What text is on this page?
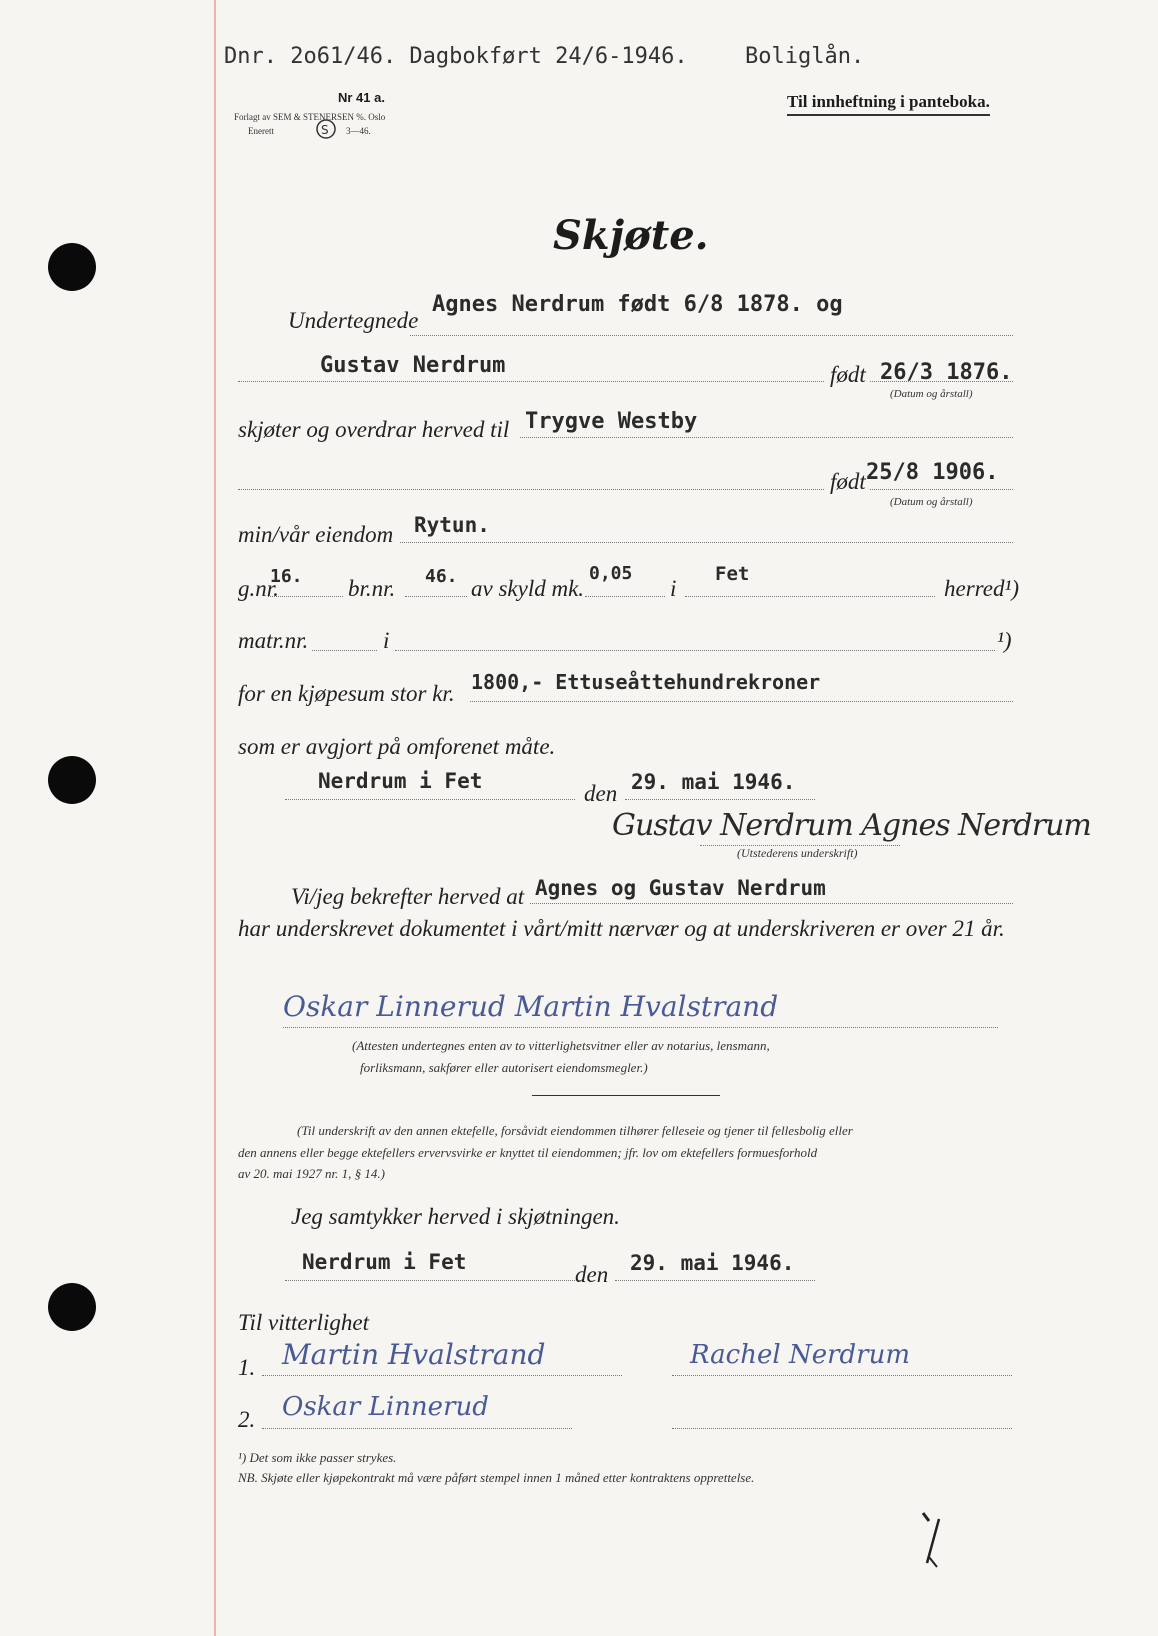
Dnr. 2o61/46. Dagbokført 24/6-1946.	Boliglån.
Nr 41 a.
Forlagt av SEM & STENERSEN %. Oslo
Enerett	S 3—46.
Til innheftning i panteboka.
Skjøte.
Agnes Nerdrum født 6/8 1878. og
Undertegnede
Gustav Nerdrum	født 26/3 1876.
(Datum og årstall)
skjøter og overdrar herved til Trygve Westby
født 25/8 1906.
(Datum og årstall)
min/vår eiendom Rytun.
g.nr.
16. br.nr. 46. av skyld mk.
0,05
i
Fet
herred¹)
matr.nr.	i	¹)
for en kjøpesum stor kr. 1800,- Ettuseåttehundrekroner
som er avgjort på omforenet måte.
Nerdrum i Fet	den 29. mai 1946.
Gustav Nerdrum Agnes Nerdrum
(Utstederens underskrift)
Vi/jeg bekrefter herved at Agnes og Gustav Nerdrum
har underskrevet dokumentet i vårt/mitt nærvær og at underskriveren er over 21 år.
Oskar Linnerud Martin Hvalstrand
(Attesten undertegnes enten av to vitterlighetsvitner eller av notarius, lensmann,
forliksmann, sakfører eller autorisert eiendomsmegler.)
(Til underskrift av den annen ektefelle, forsåvidt eiendommen tilhører felleseie og tjener til fellesbolig eller
den annens eller begge ektefellers ervervsvirke er knyttet til eiendommen; jfr. lov om ektefellers formuesforhold
av 20. mai 1927 nr. 1, § 14.)
Jeg samtykker herved i skjøtningen.
Nerdrum i Fet	den 29. mai 1946.
Til vitterlighet
1. Martin Hvalstrand	Rachel Nerdrum
2. Oskar Linnerud
¹) Det som ikke passer strykes.
NB. Skjøte eller kjøpekontrakt må være påført stempel innen 1 måned etter kontraktens opprettelse.
